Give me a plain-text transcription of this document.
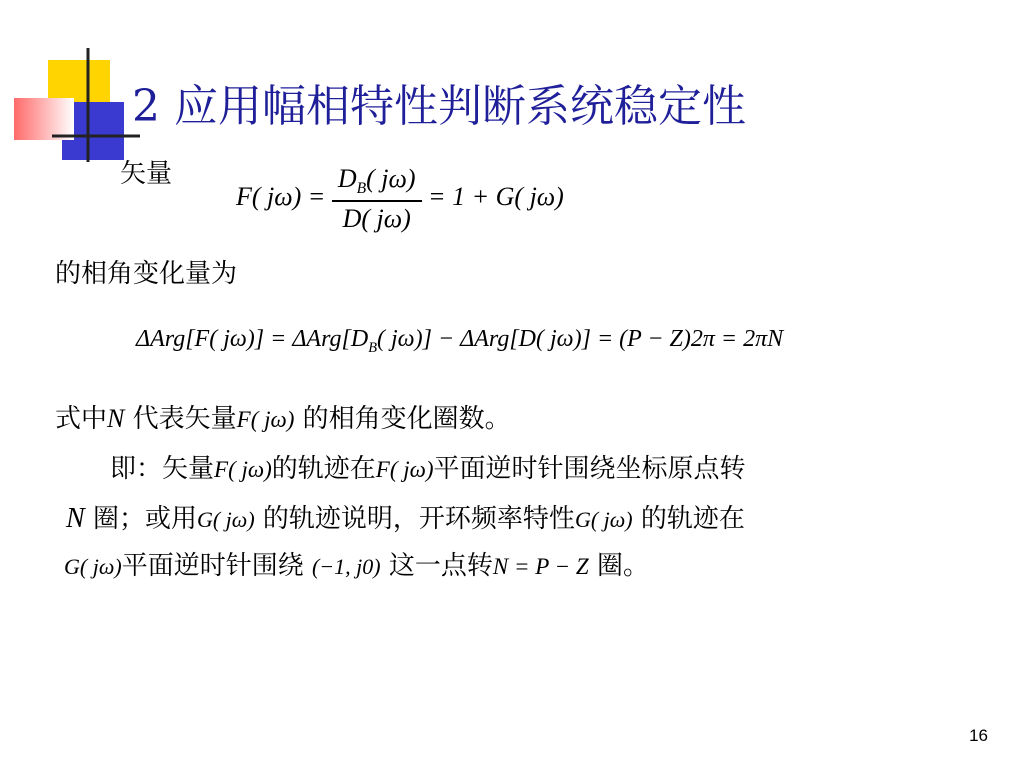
2 应用幅相特性判断系统稳定性
矢量
F( $j\omega) = \frac{D_B( j\omega)}{D( j\omega)} = 1 + G$( jω)
的相角变化量为
ΔArg[F( $j\omega)] = \Delta Arg[D_B$( jω)] − ΔArg[D( jω)] = (P − Z)2π = 2πN
式中N 代表矢量F( jω) 的相角变化圈数。
即：矢量F( jω)的轨迹在F( jω)平面逆时针围绕坐标原点转
N 圈；或用G( jω) 的轨迹说明，开环频率特性G( jω) 的轨迹在
G( jω)平面逆时针围绕 (−1, j0) 这一点转N = P − Z 圈。
16
